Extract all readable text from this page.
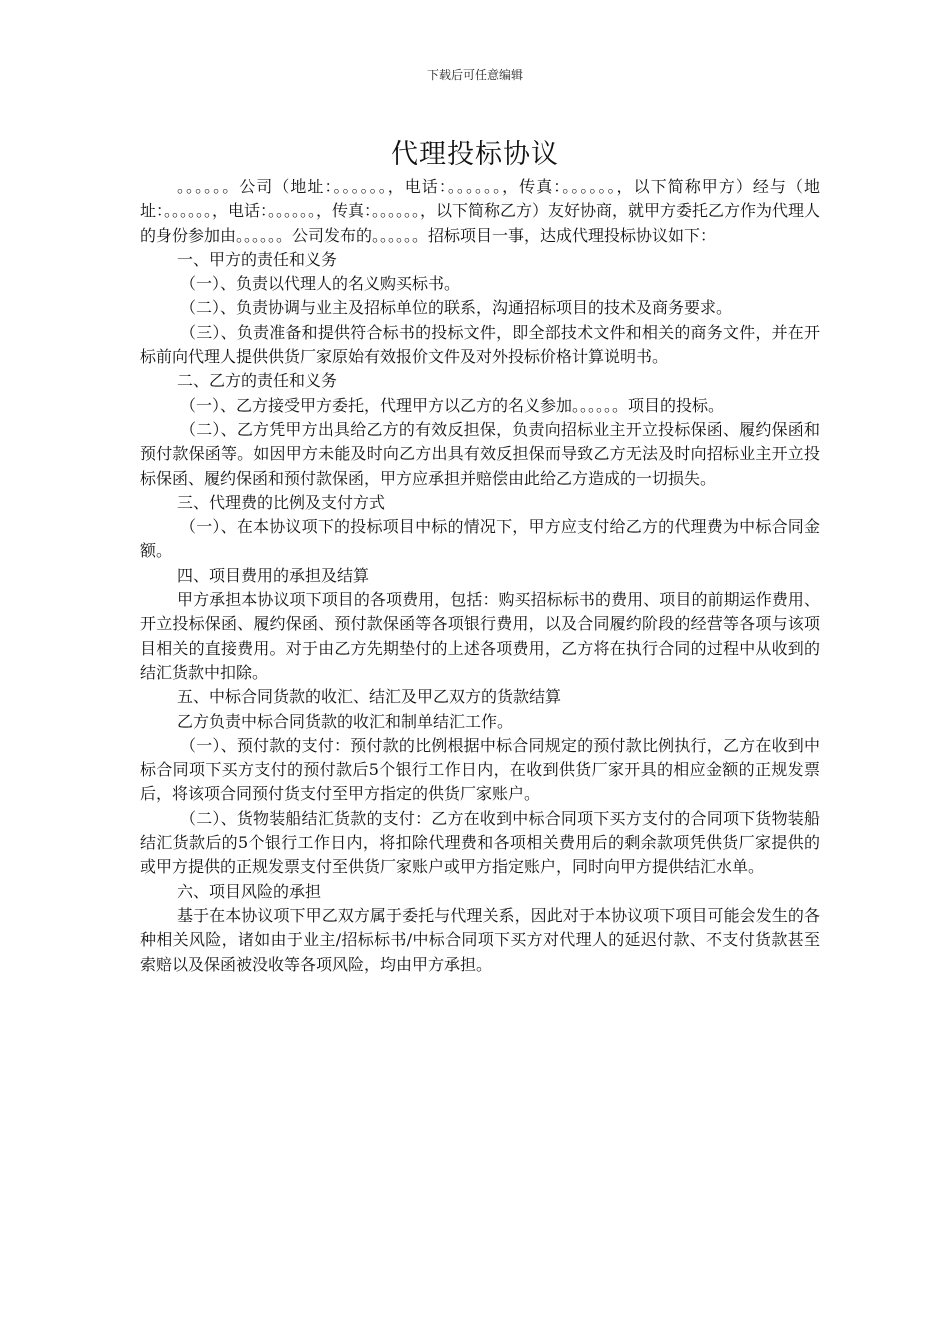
下载后可任意编辑
代理投标协议

。。。。。。公司（地址：。。。。。。，电话：。。。。。。，传真：。。。。。。，以下简称甲方）经与（地址：。。。。。。，电话：。。。。。。，传真：。。。。。。，以下简称乙方）友好协商，就甲方委托乙方作为代理人的身份参加由。。。。。。公司发布的。。。。。。招标项目一事，达成代理投标协议如下：

一、甲方的责任和义务

（一）、负责以代理人的名义购买标书。

（二）、负责协调与业主及招标单位的联系，沟通招标项目的技术及商务要求。

（三）、负责准备和提供符合标书的投标文件，即全部技术文件和相关的商务文件，并在开标前向代理人提供供货厂家原始有效报价文件及对外投标价格计算说明书。

二、乙方的责任和义务

（一）、乙方接受甲方委托，代理甲方以乙方的名义参加。。。。。。项目的投标。

（二）、乙方凭甲方出具给乙方的有效反担保，负责向招标业主开立投标保函、履约保函和预付款保函等。如因甲方未能及时向乙方出具有效反担保而导致乙方无法及时向招标业主开立投标保函、履约保函和预付款保函，甲方应承担并赔偿由此给乙方造成的一切损失。

三、代理费的比例及支付方式

（一）、在本协议项下的投标项目中标的情况下，甲方应支付给乙方的代理费为中标合同金额。

四、项目费用的承担及结算

甲方承担本协议项下项目的各项费用，包括：购买招标标书的费用、项目的前期运作费用、开立投标保函、履约保函、预付款保函等各项银行费用，以及合同履约阶段的经营等各项与该项目相关的直接费用。对于由乙方先期垫付的上述各项费用，乙方将在执行合同的过程中从收到的结汇货款中扣除。

五、中标合同货款的收汇、结汇及甲乙双方的货款结算

乙方负责中标合同货款的收汇和制单结汇工作。

（一）、预付款的支付：预付款的比例根据中标合同规定的预付款比例执行，乙方在收到中标合同项下买方支付的预付款后5个银行工作日内，在收到供货厂家开具的相应金额的正规发票后，将该项合同预付货支付至甲方指定的供货厂家账户。

（二）、货物装船结汇货款的支付：乙方在收到中标合同项下买方支付的合同项下货物装船结汇货款后的5个银行工作日内，将扣除代理费和各项相关费用后的剩余款项凭供货厂家提供的或甲方提供的正规发票支付至供货厂家账户或甲方指定账户，同时向甲方提供结汇水单。

六、项目风险的承担

基于在本协议项下甲乙双方属于委托与代理关系，因此对于本协议项下项目可能会发生的各种相关风险，诸如由于业主/招标标书/中标合同项下买方对代理人的延迟付款、不支付货款甚至索赔以及保函被没收等各项风险，均由甲方承担。
